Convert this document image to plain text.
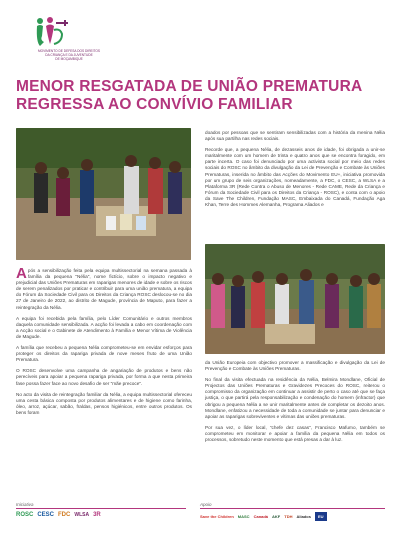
MOVIMENTO DE DEFESA DOS DIREITOS
DA CRIANÇA E DA JUVENTUDE
DE MOÇAMBIQUE
MENOR RESGATADA DE UNIÃO PREMATURA REGRESSA AO CONVÍVIO FAMILIAR

Após a sensibilização feita pela equipa multissectorial na semana passada à família da pequena "Nélia", nome fictício, sobre o impacto negativo e prejudicial das Uniões Prematuras em raparigas menores de idade e sobre os riscos de serem penalizados por praticar e contribuir para uma união prematura, a equipa do Fórum da Sociedade Civil para os Direitos da Criança ROSC deslocou-se no dia 27 de Janeiro de 2022, ao distrito de Magude, província de Maputo, para fazer a reintegração da Nélia.

A equipa foi recebida pela família, pelo Líder Comunitário e outros membros daquela comunidade sensibilizada. A acção foi levada a cabo em coordenação com a Acção social e o Gabinete de Atendimento à Família e Menor Vítima de Violência de Magude.

A família que recebeu a pequena Nélia comprometeu-se em envidar esforços para proteger os direitos da rapariga privada de nove meses fruto de uma União Prematura.

O ROSC desenvolve uma campanha de angariação de produtos e bens não perecíveis para apoiar a pequena rapariga privada, por forma a que nesta primeira fase possa fazer face ao novo desafio de ser "mãe precoce".

No acto da visita de reintegração familiar da Nélia, a equipa multissectorial ofereceu uma cesta básica composta por produtos alimentares e de higiene como farinha, óleo, arroz, açúcar, sabão, fraldas, pensos higiénicos, entre outros produtos. Os bens foram

doados por pessoas que se sentiram sensibilizadas com a história da menina Nélia após sua partilha nas redes sociais.

Recorde que, a pequena Nélia, de dezasseis anos de idade, foi obrigada a unir-se maritalmente com um homem de trinta e quatro anos que se encontra foragido, em parte incerta. O caso foi denunciado por uma activista social por meio das redes sociais do ROSC no âmbito da divulgação da Lei de Prevenção e Combate às Uniões Prematuras, inserida no âmbito das Acções do Movimento EU+, iniciativa promovida por um grupo de seis organizações, nomeadamente, a FDC, o CESC, a WLSA e a Plataforma 3R (Rede Contra o Abuso de Menores - Rede CAME, Rede da Criança e Fórum da Sociedade Civil para os Direitos da Criança - ROSC), e conta com o apoio da Save The Children, Fundação MASC, Embaixada do Canadá, Fundação Aga Khan, Terre des Hommes Alemanha, Programa Aliados e

da União Europeia com objectivo promover a massificação e divulgação da Lei de Prevenção e Combate às Uniões Prematuras.

No final da visita efectuada na residência da Nélia, Belmira Mondlane, Oficial de Projectos das Uniões Prematuras e Gravidezes Precoces do ROSC, reiterou o compromisso da organização em continuar a assistir de perto o caso até que se faça justiça, o que partirá pela responsabilização e condenação do homem (infractor) que obrigou a pequena Nélia a se unir maritalmente antes de completar os dezoito anos. Mondlane, enfatizou a necessidade de toda a comunidade se juntar para denunciar e apoiar as raparigas sobreviventes e vítimas das uniões prematuras.

Por sua vez, o líder local, "chefe dez casas", Francisco Mafumo, também se comprometeu em monitorar e apoiar a família da pequena Nélia em todos os processos, sobretudo neste momento que está presas a dar à luz.

Iniciativa	Apoio
ROSC CESC FDC WLSA 3R	Save the Children MASC Canadá AKF TDH Aliados	EU
